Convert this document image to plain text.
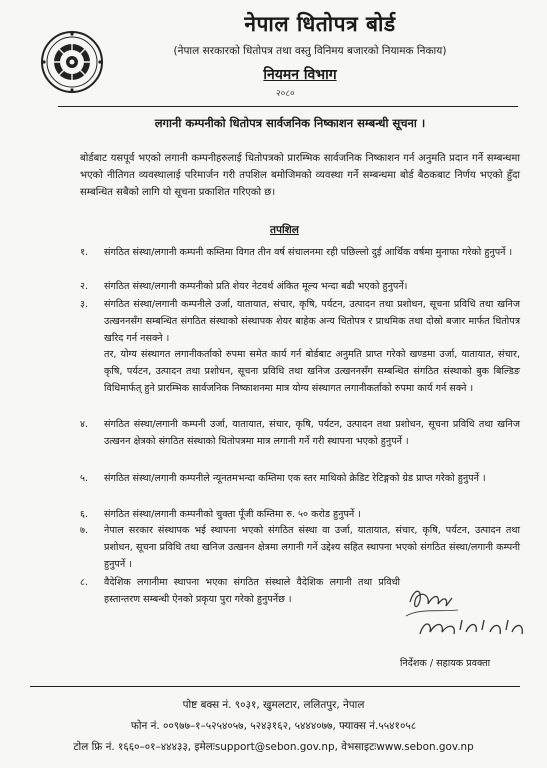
नेपाल धितोपत्र बोर्ड
(नेपाल सरकारको धितोपत्र तथा वस्तु विनिमय बजारको नियामक निकाय)
नियमन विभाग
२०८०
लगानी कम्पनीको धितोपत्र सार्वजनिक निष्काशन सम्बन्धी सूचना ।
बोर्डबाट यसपूर्व भएको लगानी कम्पनीहरुलाई धितोपत्रको प्रारम्भिक सार्वजनिक निष्काशन गर्न अनुमति प्रदान गर्ने सम्बन्धमा भएको नीतिगत व्यवस्थालाई परिमार्जन गरी तपशिल बमोजिमको व्यवस्था गर्ने सम्बन्धमा बोर्ड बैठकबाट निर्णय भएको हुँदा सम्बन्धित सबैको लागि यो सूचना प्रकाशित गरिएको छ।
तपशिल
१. संगठित संस्था/लगानी कम्पनी कम्तिमा विगत तीन वर्ष संचालनमा रही पछिल्लो दुई आर्थिक वर्षमा मुनाफा गरेको हुनुपर्ने ।
२. संगठित संस्था/लगानी कम्पनीको प्रति शेयर नेटवर्थ अंकित मूल्य भन्दा बढी भएको हुनुपर्ने।
३. संगठित संस्था/लगानी कम्पनीले उर्जा, यातायात, संचार, कृषि, पर्यटन, उत्पादन तथा प्रशोधन, सूचना प्रविधि तथा खनिज उत्खननसँग सम्बन्धित संगठित संस्थाको संस्थापक शेयर बाहेक अन्य धितोपत्र र प्राथमिक तथा दोस्रो बजार मार्फत धितोपत्र खरिद गर्न नसक्ने ।
तर, योग्य संस्थागत लगानीकर्ताको रुपमा समेत कार्य गर्न बोर्डबाट अनुमति प्राप्त गरेको खण्डमा उर्जा, यातायात, संचार, कृषि, पर्यटन, उत्पादन तथा प्रशोधन, सूचना प्रविधि तथा खनिज उत्खननसँग सम्बन्धित संगठित संस्थाको बुक बिल्डिङ विधिमार्फत् हुने प्रारम्भिक सार्वजनिक निष्काशनमा मात्र योग्य संस्थागत लगानीकर्ताको रुपमा कार्य गर्न सक्ने ।
४. संगठित संस्था/लगानी कम्पनी उर्जा, यातायात, संचार, कृषि, पर्यटन, उत्पादन तथा प्रशोधन, सूचना प्रविधि तथा खनिज उत्खनन क्षेत्रको संगठित संस्थाको धितोपत्रमा मात्र लगानी गर्ने गरी स्थापना भएको हुनुपर्ने ।
५. संगठित संस्था/लगानी कम्पनीले न्यूनतमभन्दा कम्तिमा एक स्तर माथिको क्रेडिट रेटिङ्गको ग्रेड प्राप्त गरेको हुनुपर्ने ।
६. संगठित संस्था/लगानी कम्पनीको चुक्ता पूँजी कम्तिमा रु. ५० करोड हुनुपर्ने ।
७. नेपाल सरकार संस्थापक भई स्थापना भएको संगठित संस्था वा उर्जा, यातायात, संचार, कृषि, पर्यटन, उत्पादन तथा प्रशोधन, सूचना प्रविधि तथा खनिज उत्खनन क्षेत्रमा लगानी गर्ने उद्देश्य सहित स्थापना भएको संगठित संस्था/लगानी कम्पनी हुनुपर्ने ।
८. वैदेशिक लगानीमा स्थापना भएका संगठित संस्थाले वैदेशिक लगानी तथा प्रविधी हस्तान्तरण सम्बन्धी ऐनको प्रकृया पुरा गरेको हुनुपर्नेछ ।
निर्देशक / सहायक प्रवक्ता
पोष्ट बक्स नं. ९०३१, खुमलटार, ललितपुर, नेपाल
फोन नं. ००९७७–१–५२५४०५७, ५२४३१६२, ५४४४०७७, फ्याक्स नं.५५४१०५८
टोल फ्रि नं. १६६०–०१–४४४३३, इमेलःsupport@sebon.gov.np, वेभसाइटःwww.sebon.gov.np
